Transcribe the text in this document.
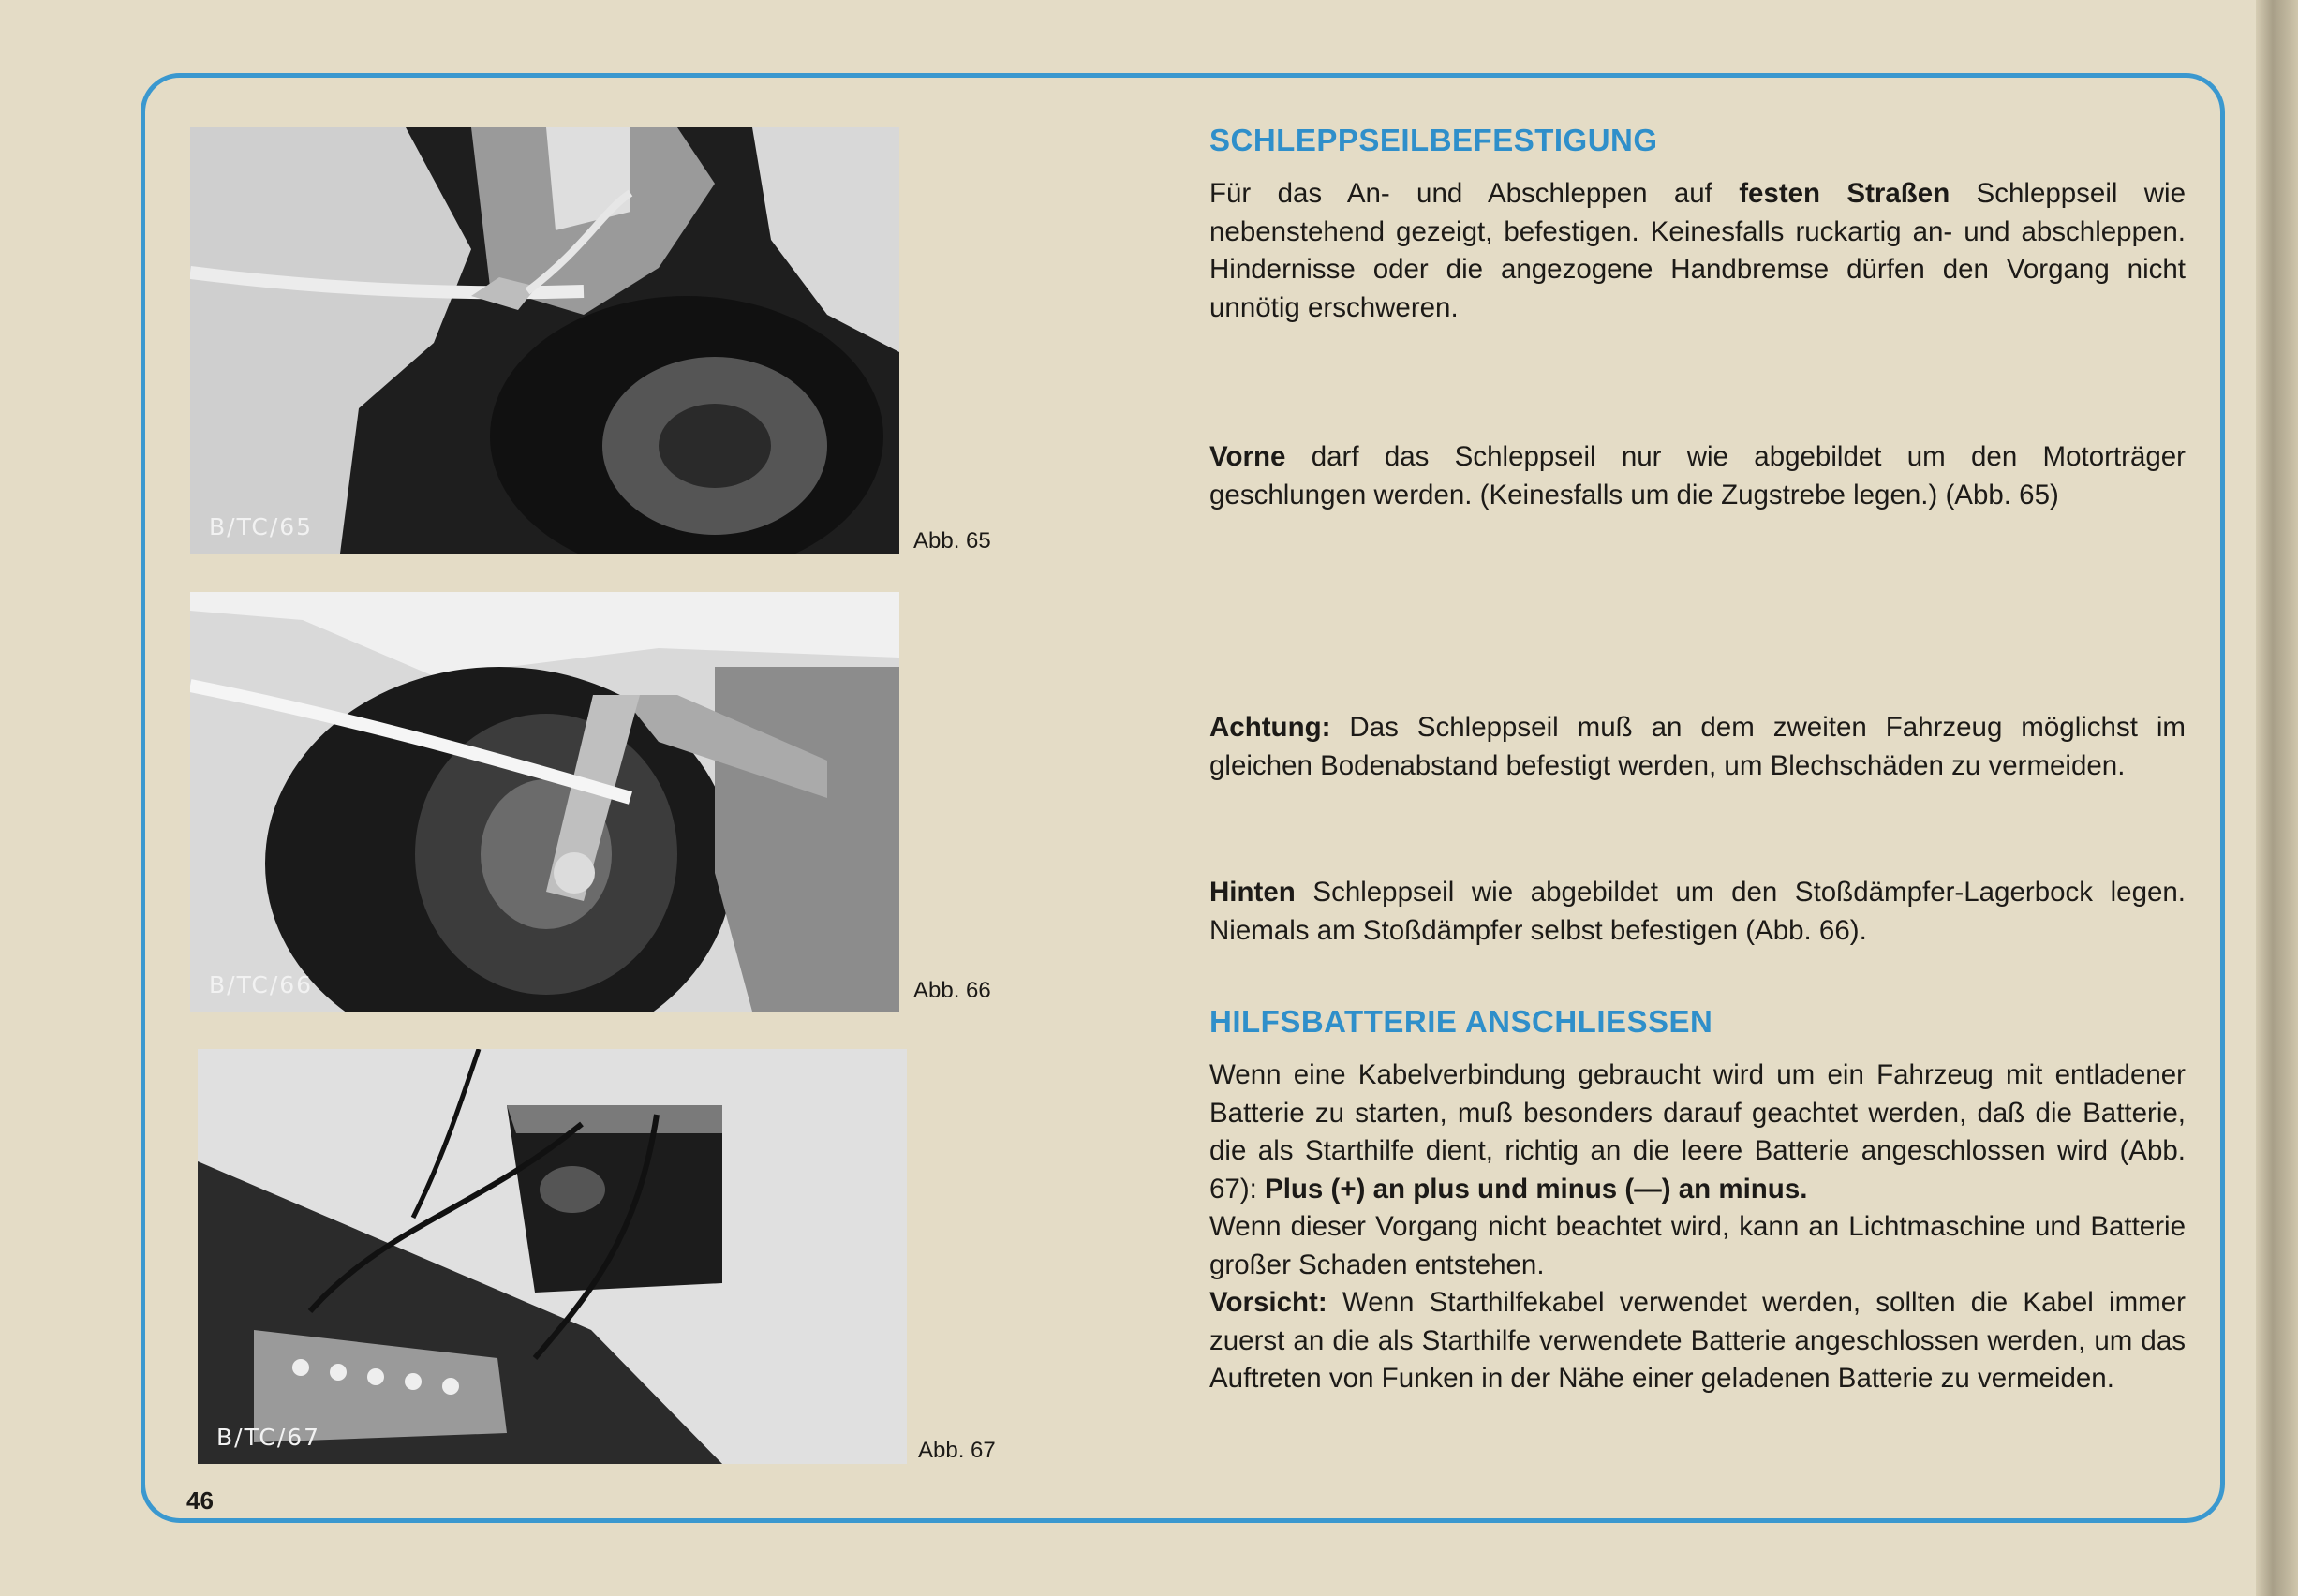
B/TC/65
Abb. 65
B/TC/66	Abb. 66
B/TC/67	Abb. 67
46
SCHLEPPSEILBEFESTIGUNG

Für das An- und Abschleppen auf festen Straßen Schleppseil wie nebenstehend gezeigt, befestigen. Keinesfalls ruckartig an- und abschleppen. Hindernisse oder die angezogene Handbremse dürfen den Vorgang nicht unnötig erschweren.

Vorne darf das Schleppseil nur wie abgebildet um den Motorträger geschlungen werden. (Keinesfalls um die Zugstrebe legen.) (Abb. 65)

Achtung: Das Schleppseil muß an dem zweiten Fahrzeug möglichst im gleichen Bodenabstand befestigt werden, um Blechschäden zu vermeiden.

Hinten Schleppseil wie abgebildet um den Stoßdämpfer-Lagerbock legen. Niemals am Stoßdämpfer selbst befestigen (Abb. 66).

HILFSBATTERIE ANSCHLIESSEN

Wenn eine Kabelverbindung gebraucht wird um ein Fahrzeug mit entladener Batterie zu starten, muß besonders darauf geachtet werden, daß die Batterie, die als Starthilfe dient, richtig an die leere Batterie angeschlossen wird (Abb. 67): Plus (+) an plus und minus (—) an minus.

Wenn dieser Vorgang nicht beachtet wird, kann an Lichtmaschine und Batterie großer Schaden entstehen.

Vorsicht: Wenn Starthilfekabel verwendet werden, sollten die Kabel immer zuerst an die als Starthilfe verwendete Batterie angeschlossen werden, um das Auftreten von Funken in der Nähe einer geladenen Batterie zu vermeiden.
